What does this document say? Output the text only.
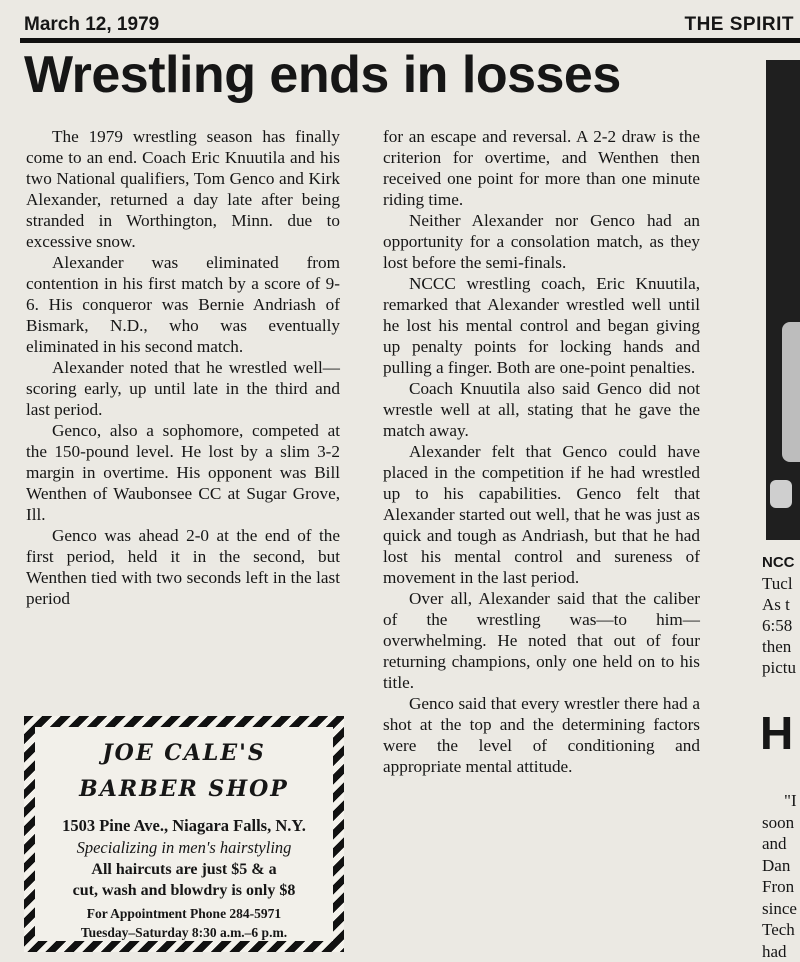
March 12, 1979	THE SPIRIT
Wrestling ends in losses

The 1979 wrestling season has finally come to an end. Coach Eric Knuutila and his two National qualifiers, Tom Genco and Kirk Alexander, returned a day late after being stranded in Worthington, Minn. due to excessive snow.

Alexander was eliminated from contention in his first match by a score of 9-6. His conqueror was Bernie Andriash of Bismark, N.D., who was eventually eliminated in his second match.

Alexander noted that he wrestled well—scoring early, up until late in the third and last period.

Genco, also a sophomore, competed at the 150-pound level. He lost by a slim 3-2 margin in overtime. His opponent was Bill Wenthen of Waubonsee CC at Sugar Grove, Ill.

Genco was ahead 2-0 at the end of the first period, held it in the second, but Wenthen tied with two seconds left in the last period

for an escape and reversal. A 2-2 draw is the criterion for overtime, and Wenthen then received one point for more than one minute riding time.

Neither Alexander nor Genco had an opportunity for a consolation match, as they lost before the semi-finals.

NCCC wrestling coach, Eric Knuutila, remarked that Alexander wrestled well until he lost his mental control and began giving up penalty points for locking hands and pulling a finger. Both are one-point penalties.

Coach Knuutila also said Genco did not wrestle well at all, stating that he gave the match away.

Alexander felt that Genco could have placed in the competition if he had wrestled up to his capabilities. Genco felt that Alexander started out well, that he was just as quick and tough as Andriash, but that he had lost his mental control and sureness of movement in the last period.

Over all, Alexander said that the caliber of the wrestling was—to him—overwhelming. He noted that out of four returning champions, only one held on to his title.

Genco said that every wrestler there had a shot at the top and the determining factors were the level of conditioning and appropriate mental attitude.

JOE CALE'S
BARBER SHOP
1503 Pine Ave., Niagara Falls, N.Y.
Specializing in men's hairstyling
All haircuts are just $5 & a
cut, wash and blowdry is only $8
For Appointment Phone 284-5971
Tuesday–Saturday 8:30 a.m.–6 p.m.
NCC
Tucl
As t
6:58
then
pictu
H
"I
soon
and
Dan
Fron
since
Tech
had
